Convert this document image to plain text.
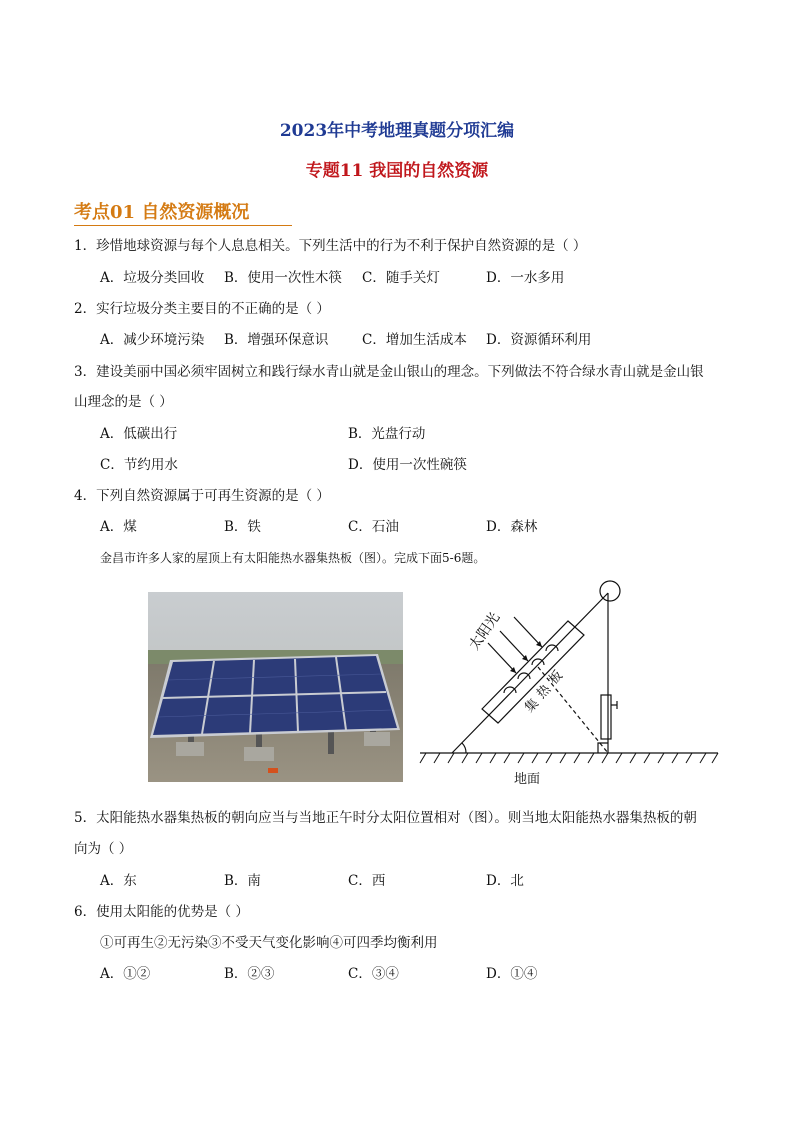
2023年中考地理真题分项汇编
专题11 我国的自然资源
考点01 自然资源概况
1．珍惜地球资源与每个人息息相关。下列生活中的行为不利于保护自然资源的是（ ）
A．垃圾分类回收 B．使用一次性木筷 C．随手关灯	D．一水多用
2．实行垃圾分类主要目的不正确的是（ ）
A．减少环境污染 B．增强环保意识 C．增加生活成本 D．资源循环利用
3．建设美丽中国必须牢固树立和践行绿水青山就是金山银山的理念。下列做法不符合绿水青山就是金山银
山理念的是（ ）
A．低碳出行	B．光盘行动
C．节约用水	D．使用一次性碗筷
4．下列自然资源属于可再生资源的是（ ）
A．煤	B．铁	C．石油	D．森林
金昌市许多人家的屋顶上有太阳能热水器集热板（图）。完成下面5-6题。
太阳光
集
热
板
地面
5．太阳能热水器集热板的朝向应当与当地正午时分太阳位置相对（图）。则当地太阳能热水器集热板的朝
向为（ ）
A．东	B．南	C．西	D．北
6．使用太阳能的优势是（ ）
①可再生②无污染③不受天气变化影响④可四季均衡利用
A．①②	B．②③	C．③④	D．①④
